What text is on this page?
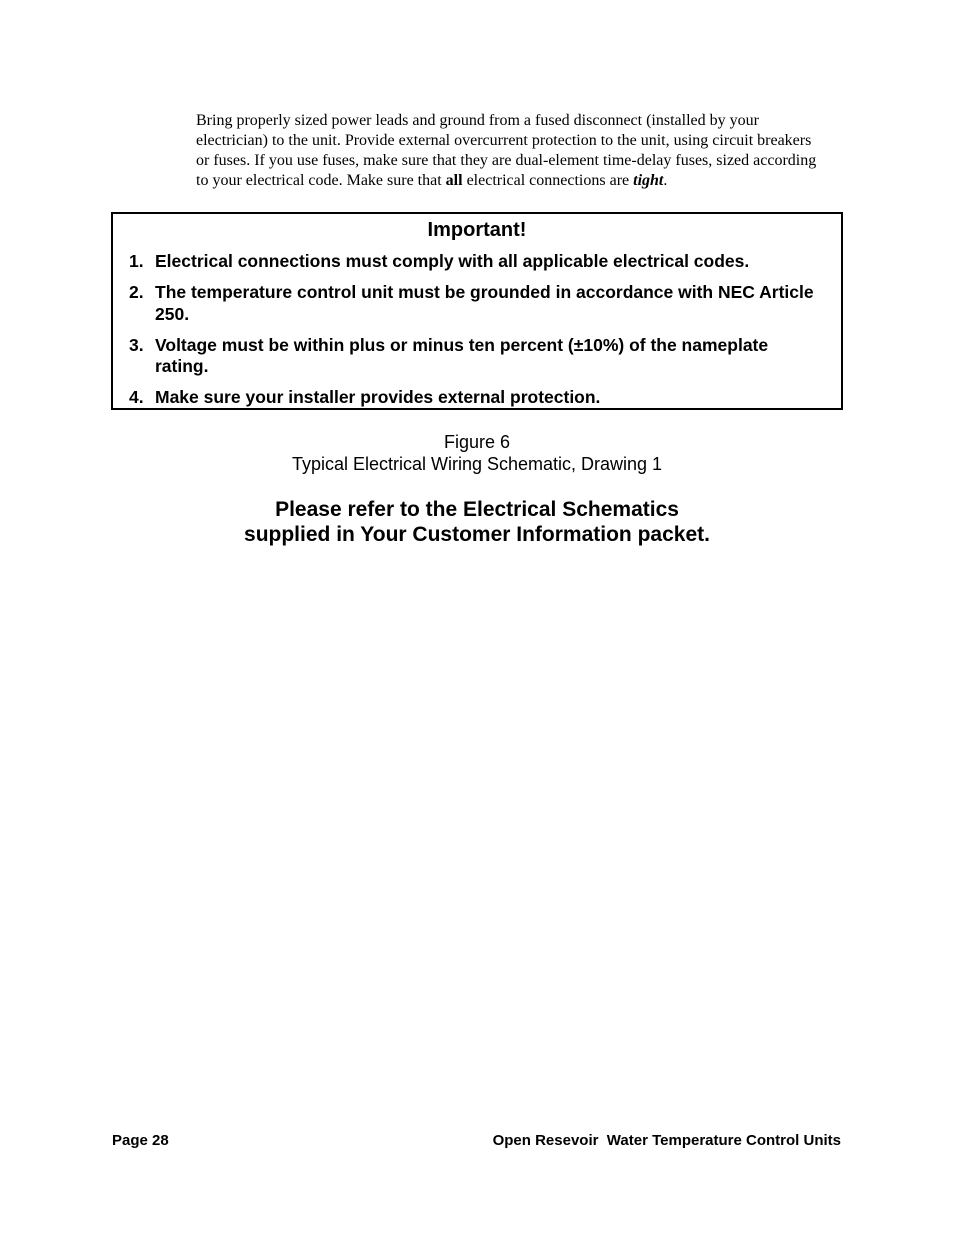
Bring properly sized power leads and ground from a fused disconnect (installed by your electrician) to the unit. Provide external overcurrent protection to the unit, using circuit breakers or fuses. If you use fuses, make sure that they are dual-element time-delay fuses, sized according to your electrical code. Make sure that all electrical connections are tight.

Important!
1. Electrical connections must comply with all applicable electrical codes.
2. The temperature control unit must be grounded in accordance with NEC Article 250.
3. Voltage must be within plus or minus ten percent (±10%) of the nameplate rating.
4. Make sure your installer provides external protection.
Figure 6
Typical Electrical Wiring Schematic, Drawing 1
Please refer to the Electrical Schematics
supplied in Your Customer Information packet.
Page 28	Open Resevoir  Water Temperature Control Units
